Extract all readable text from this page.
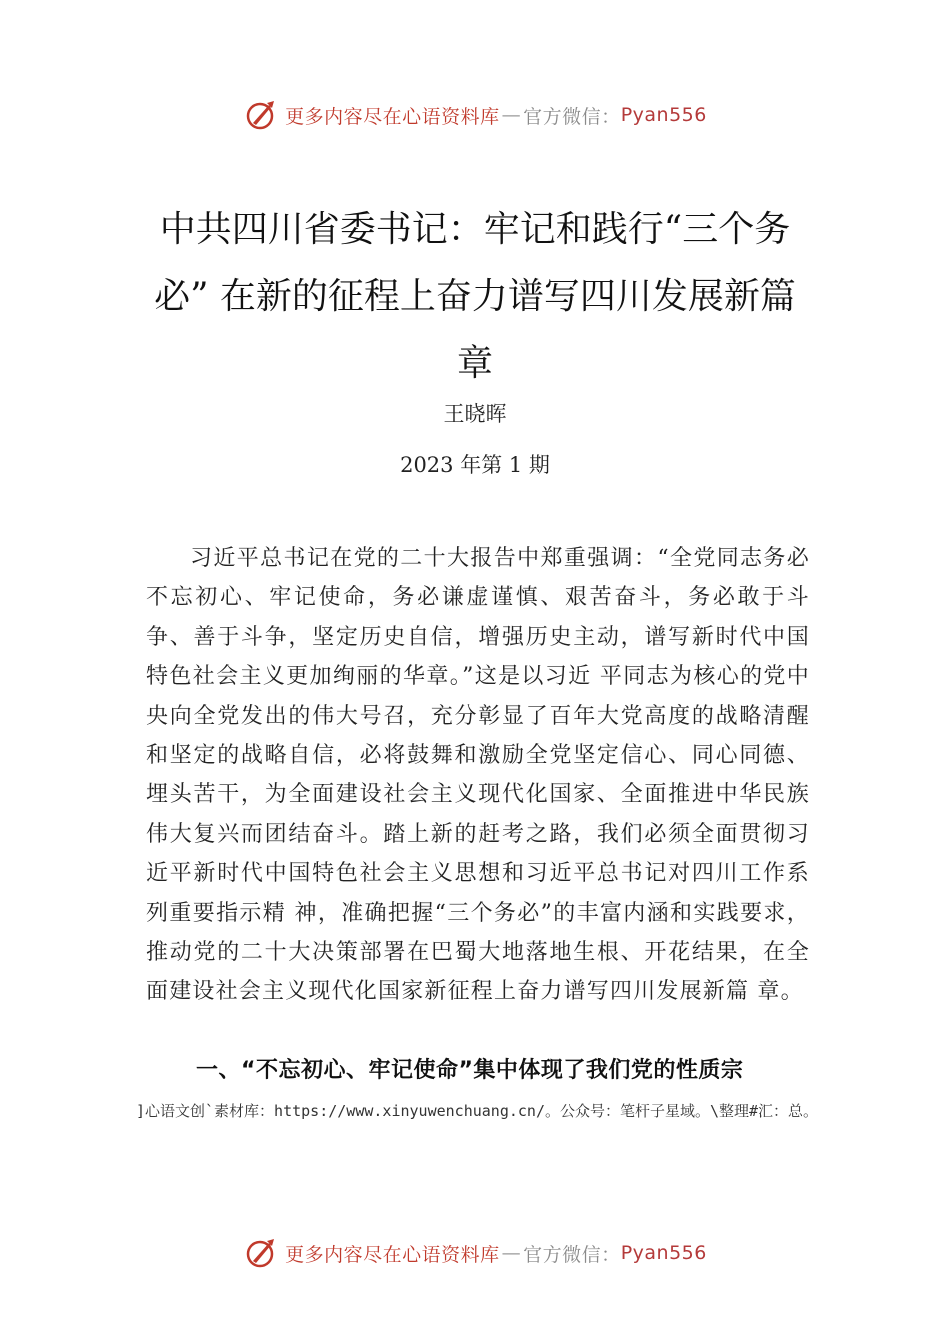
更多内容尽在心语资料库 — 官方微信： Pyan556
中共四川省委书记：牢记和践行“三个务必” 在新的征程上奋力谱写四川发展新篇章
王晓晖
2023 年第 1 期

习近平总书记在党的二十大报告中郑重强调：“全党同志务必不忘初心、牢记使命，务必谦虚谨慎、艰苦奋斗，务必敢于斗争、善于斗争，坚定历史自信，增强历史主动，谱写新时代中国特色社会主义更加绚丽的华章。”这是以习近 平同志为核心的党中央向全党发出的伟大号召，充分彰显了百年大党高度的战略清醒和坚定的战略自信，必将鼓舞和激励全党坚定信心、同心同德、埋头苦干，为全面建设社会主义现代化国家、全面推进中华民族伟大复兴而团结奋斗。踏上新的赶考之路，我们必须全面贯彻习近平新时代中国特色社会主义思想和习近平总书记对四川工作系列重要指示精 神，准确把握“三个务必”的丰富内涵和实践要求，推动党的二十大决策部署在巴蜀大地落地生根、开花结果，在全面建设社会主义现代化国家新征程上奋力谱写四川发展新篇 章。

一、“不忘初心、牢记使命”集中体现了我们党的性质宗

]心语文创`素材库：https://www.xinyuwenchuang.cn/。公众号：笔杆子星域。\整理#汇：总。

更多内容尽在心语资料库 — 官方微信： Pyan556
